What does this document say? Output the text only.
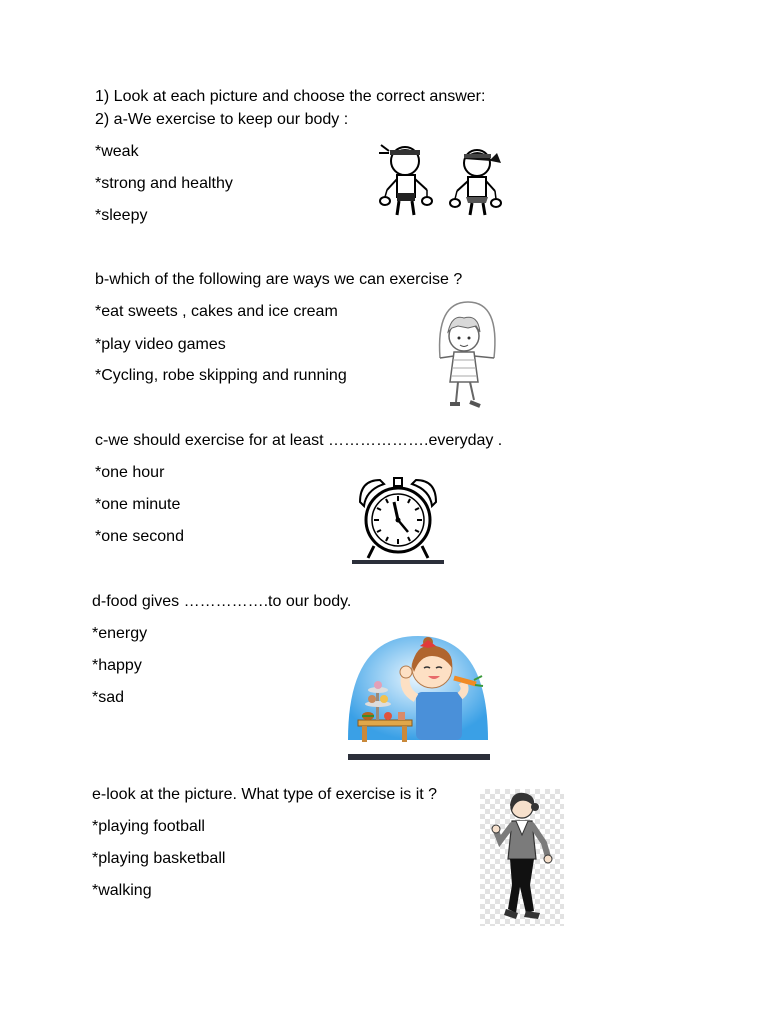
1) Look at each picture and choose the correct answer:
2) a-We exercise to keep our body :
*weak
*strong and healthy
*sleepy
b-which of the following are ways we can exercise ?
*eat sweets , cakes and ice cream
*play video games
*Cycling, robe skipping and running
c-we should exercise for at least ……………….everyday .
*one hour
*one minute
*one second
d-food gives …………….to our body.
*energy
*happy
*sad
e-look at the picture. What type of exercise is it ?
*playing football
*playing basketball
*walking
